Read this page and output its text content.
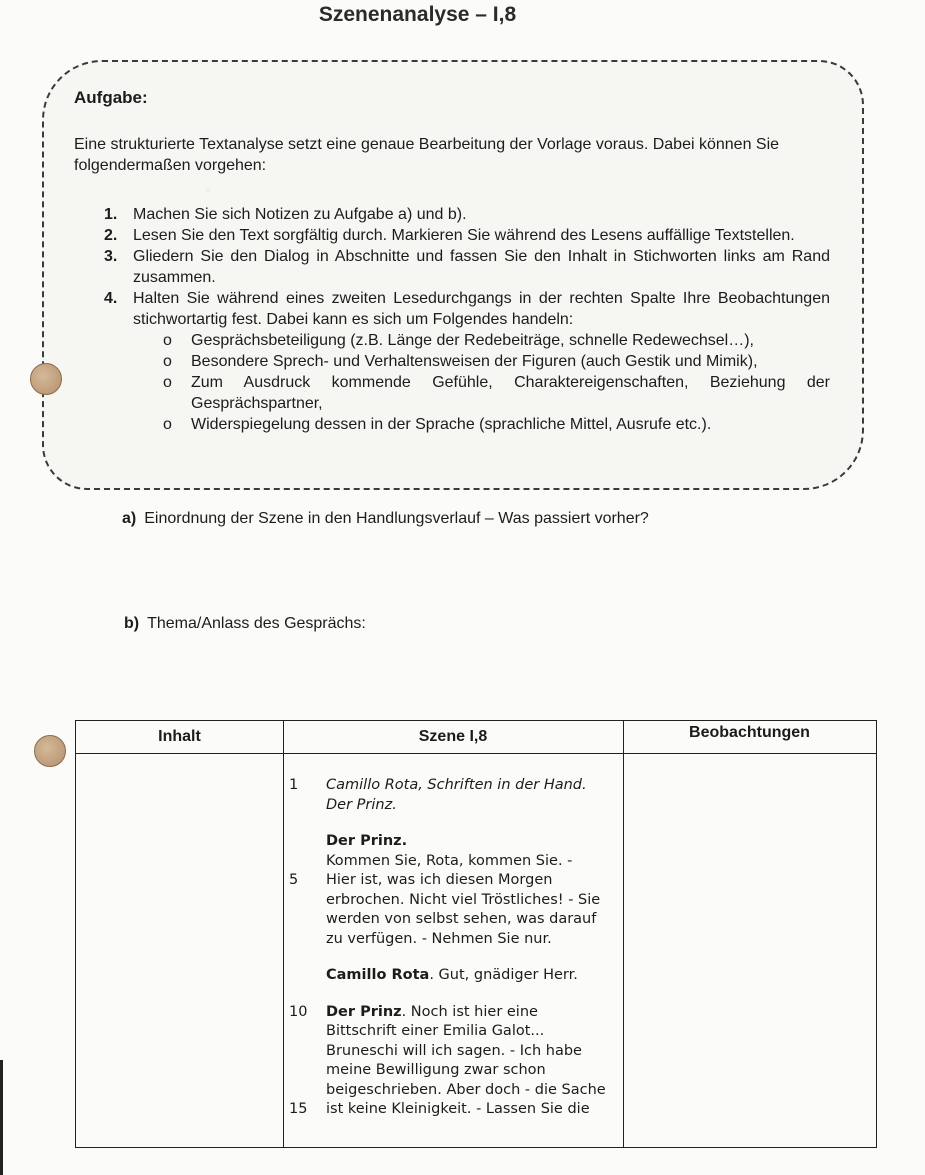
Szenenanalyse – I,8
Aufgabe:
Eine strukturierte Textanalyse setzt eine genaue Bearbeitung der Vorlage voraus. Dabei können Sie folgendermaßen vorgehen:
1. Machen Sie sich Notizen zu Aufgabe a) und b).
2. Lesen Sie den Text sorgfältig durch. Markieren Sie während des Lesens auffällige Textstellen.
3. Gliedern Sie den Dialog in Abschnitte und fassen Sie den Inhalt in Stichworten links am Rand zusammen.
4. Halten Sie während eines zweiten Lesedurchgangs in der rechten Spalte Ihre Beobachtungen stichwortartig fest. Dabei kann es sich um Folgendes handeln:
o Gesprächsbeteiligung (z.B. Länge der Redebeiträge, schnelle Redewechsel…),
o Besondere Sprech- und Verhaltensweisen der Figuren (auch Gestik und Mimik),
o Zum Ausdruck kommende Gefühle, Charaktereigenschaften, Beziehung der Gesprächspartner,
o Widerspiegelung dessen in der Sprache (sprachliche Mittel, Ausrufe etc.).
a) Einordnung der Szene in den Handlungsverlauf – Was passiert vorher?
b) Thema/Anlass des Gesprächs:
Inhalt	Szene I,8	Beobachtungen
1 Camillo Rota, Schriften in der Hand.
Der Prinz.
Der Prinz.
Kommen Sie, Rota, kommen Sie. -
5 Hier ist, was ich diesen Morgen
erbrochen. Nicht viel Tröstliches! - Sie
werden von selbst sehen, was darauf
zu verfügen. - Nehmen Sie nur.
Camillo Rota. Gut, gnädiger Herr.
10 Der Prinz. Noch ist hier eine
Bittschrift einer Emilia Galot...
Bruneschi will ich sagen. - Ich habe
meine Bewilligung zwar schon
beigeschrieben. Aber doch - die Sache
15 ist keine Kleinigkeit. - Lassen Sie die
